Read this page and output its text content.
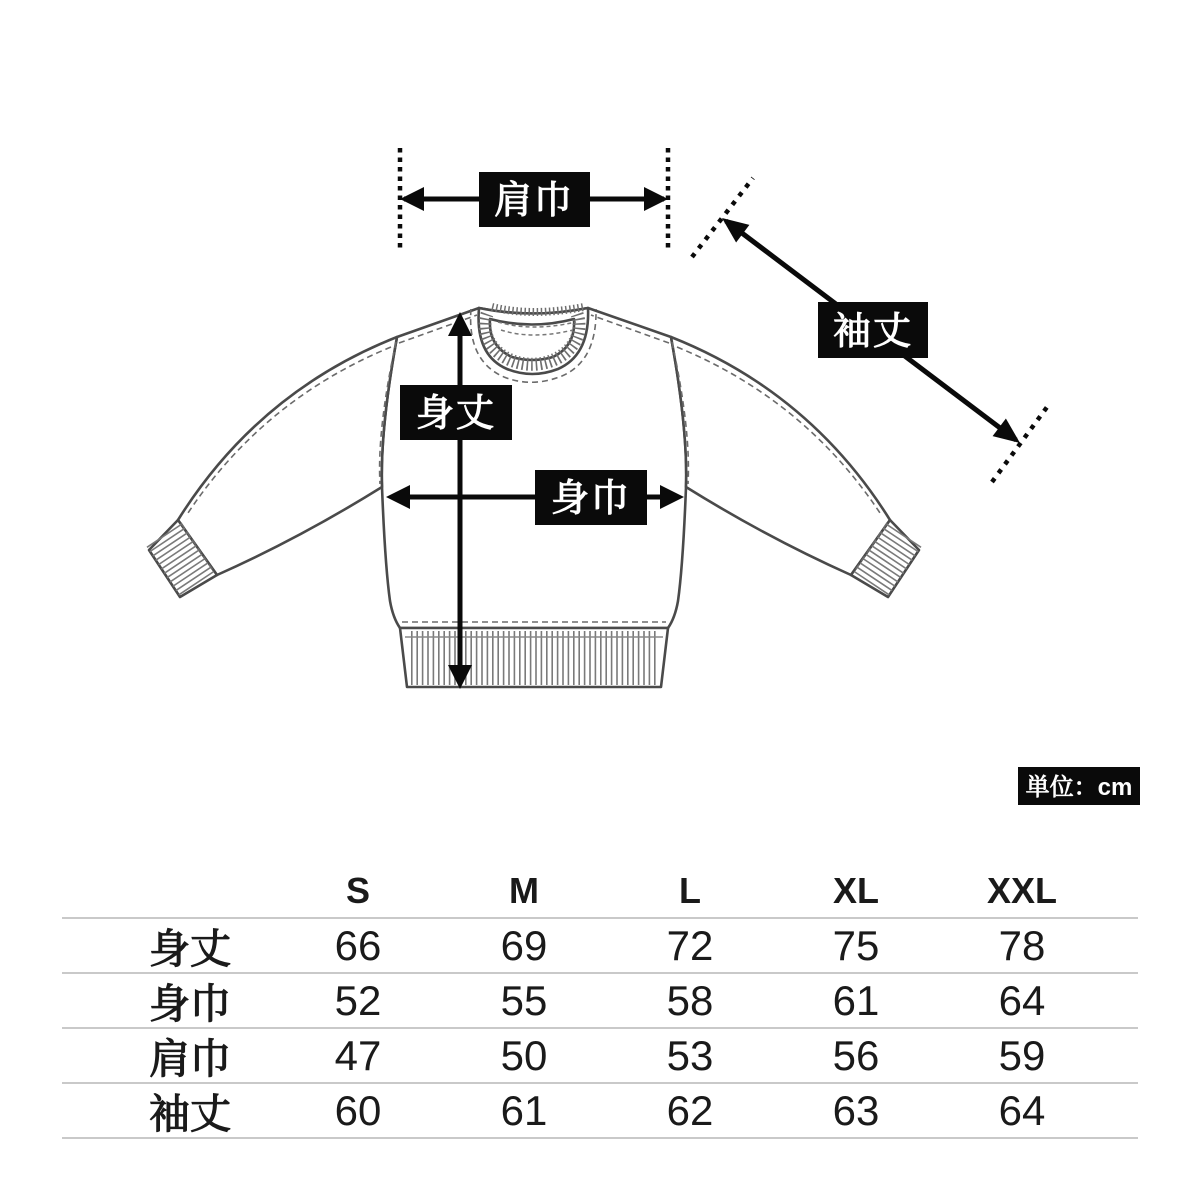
肩巾
袖丈
身丈
身巾
単位：cm
S	M	L	XL	XXL
身丈	66	69	72	75	78
身巾	52	55	58	61	64
肩巾	47	50	53	56	59
袖丈	60	61	62	63	64
